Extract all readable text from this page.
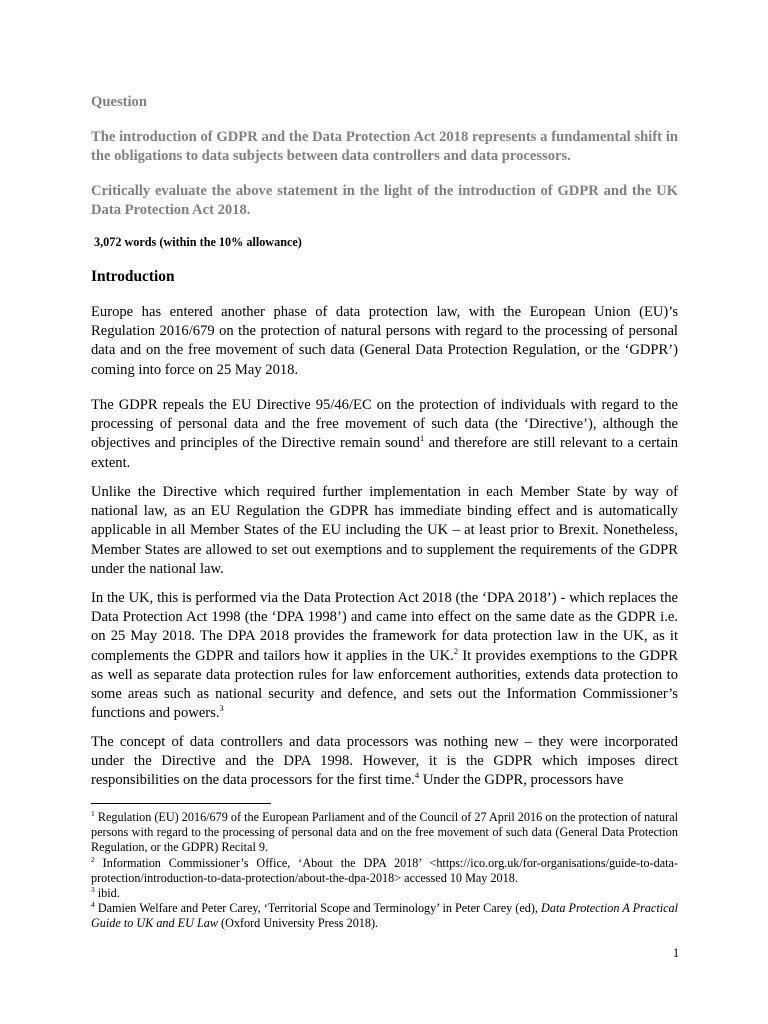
Question

The introduction of GDPR and the Data Protection Act 2018 represents a fundamental shift in the obligations to data subjects between data controllers and data processors.

Critically evaluate the above statement in the light of the introduction of GDPR and the UK Data Protection Act 2018.

3,072 words (within the 10% allowance)

Introduction

Europe has entered another phase of data protection law, with the European Union (EU)’s Regulation 2016/679 on the protection of natural persons with regard to the processing of personal data and on the free movement of such data (General Data Protection Regulation, or the ‘GDPR’) coming into force on 25 May 2018.

The GDPR repeals the EU Directive 95/46/EC on the protection of individuals with regard to the processing of personal data and the free movement of such data (the ‘Directive’), although the objectives and principles of the Directive remain sound$^1$ and therefore are still relevant to a certain extent.

Unlike the Directive which required further implementation in each Member State by way of national law, as an EU Regulation the GDPR has immediate binding effect and is automatically applicable in all Member States of the EU including the UK – at least prior to Brexit. Nonetheless, Member States are allowed to set out exemptions and to supplement the requirements of the GDPR under the national law.

In the UK, this is performed via the Data Protection Act 2018 (the ‘DPA 2018’) - which replaces the Data Protection Act 1998 (the ‘DPA 1998’) and came into effect on the same date as the GDPR i.e. on 25 May 2018. The DPA 2018 provides the framework for data protection law in the UK, as it complements the GDPR and tailors how it applies in the UK.$^2$ It provides exemptions to the GDPR as well as separate data protection rules for law enforcement authorities, extends data protection to some areas such as national security and defence, and sets out the Information Commissioner’s functions and powers.$^3$

The concept of data controllers and data processors was nothing new – they were incorporated under the Directive and the DPA 1998. However, it is the GDPR which imposes direct responsibilities on the data processors for the first time.$^4$ Under the GDPR, processors have

$^1$ Regulation (EU) 2016/679 of the European Parliament and of the Council of 27 April 2016 on the protection of natural persons with regard to the processing of personal data and on the free movement of such data (General Data Protection Regulation, or the GDPR) Recital 9.

$^2$ Information Commissioner’s Office, ‘About the DPA 2018’ <https://ico.org.uk/for-organisations/guide-to-data-protection/introduction-to-data-protection/about-the-dpa-2018> accessed 10 May 2018.

$^3$ ibid.

$^4$ Damien Welfare and Peter Carey, ‘Territorial Scope and Terminology’ in Peter Carey (ed), Data Protection A Practical Guide to UK and EU Law (Oxford University Press 2018).

1
